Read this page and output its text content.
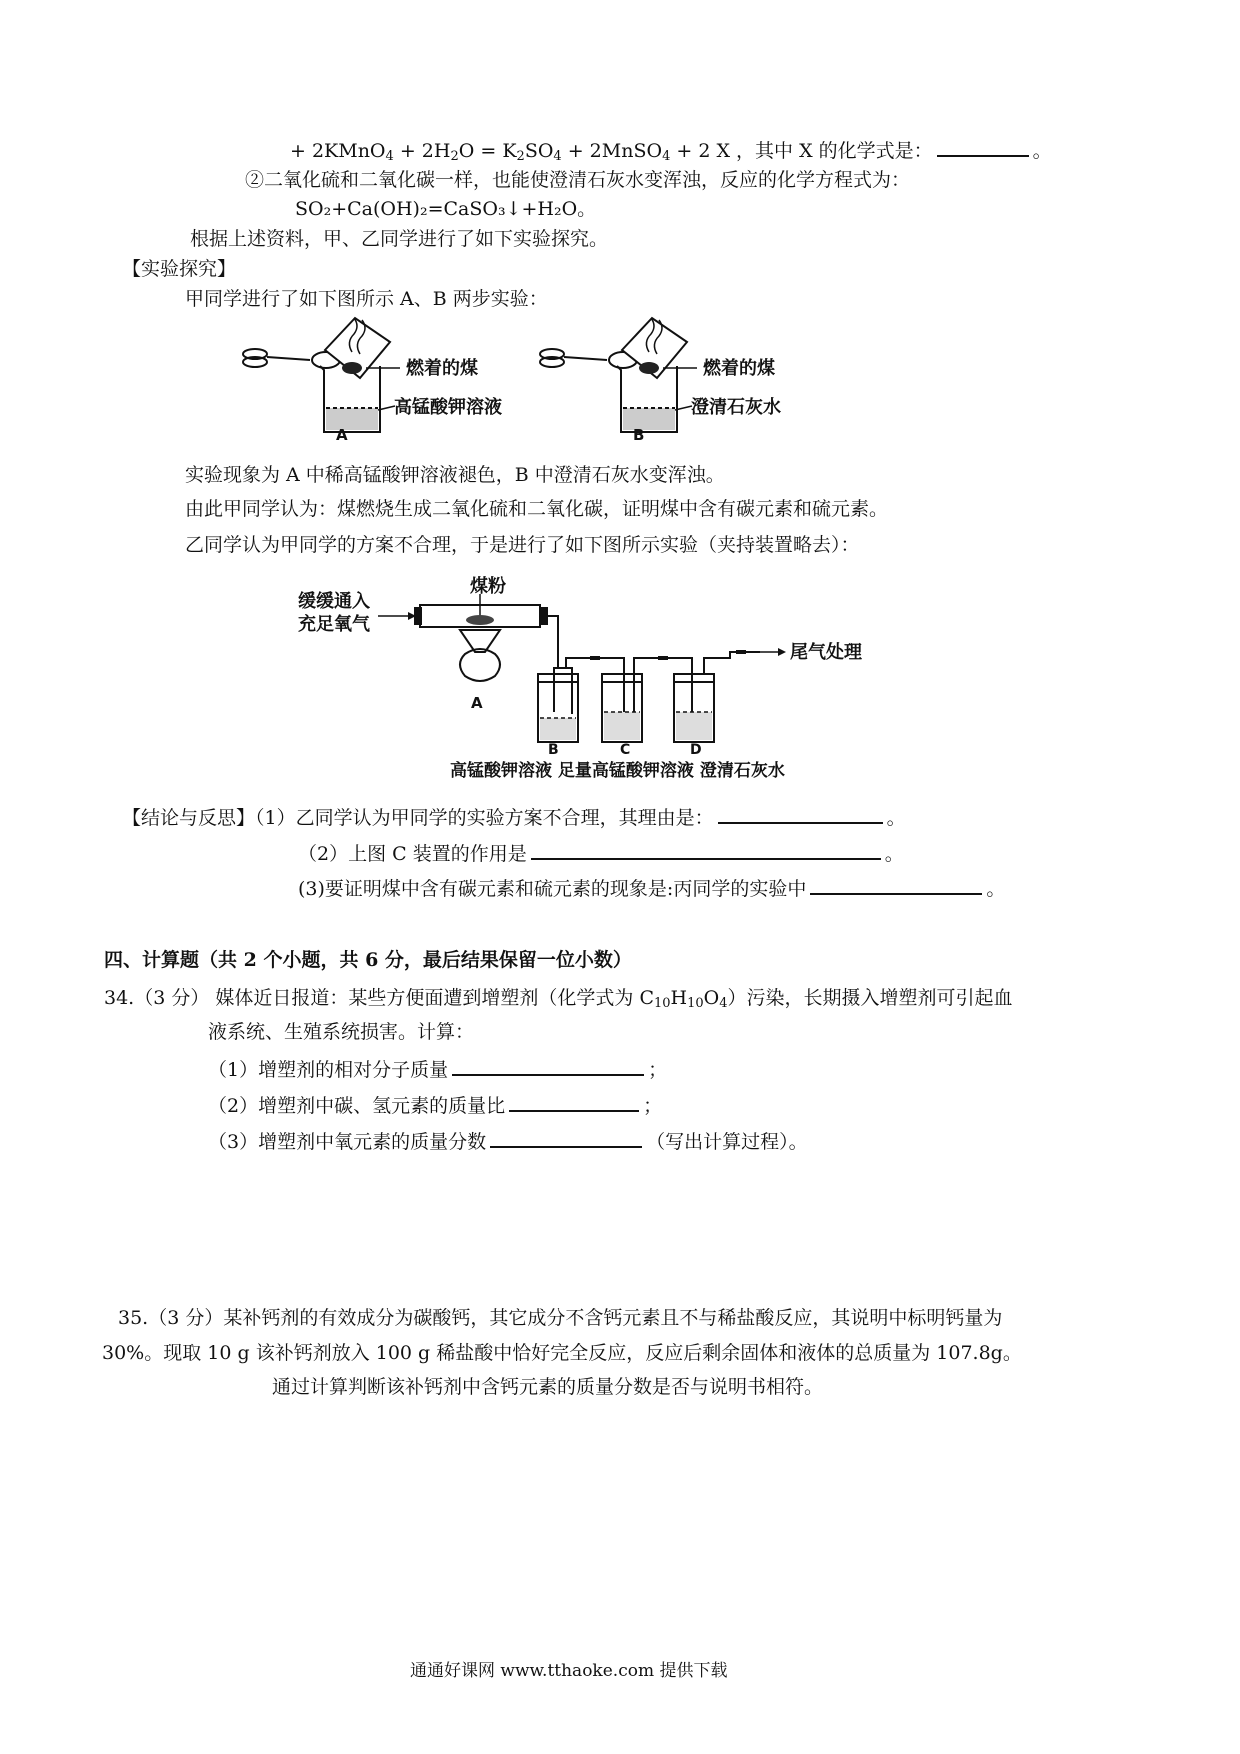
+ 2KMnO$_4$ + $2H_2O = K_2SO_4$ + 2MnSO$_4$ + 2 X ，其中 X 的化学式是：	。
②二氧化硫和二氧化碳一样，也能使澄清石灰水变浑浊，反应的化学方程式为：
SO₂+Ca(OH)₂=CaSO₃↓+H₂O。
根据上述资料，甲、乙同学进行了如下实验探究。
【实验探究】
甲同学进行了如下图所示 A、B 两步实验：
燃着的煤
高锰酸钾溶液
A
燃着的煤
澄清石灰水
B
实验现象为 A 中稀高锰酸钾溶液褪色，B 中澄清石灰水变浑浊。
由此甲同学认为：煤燃烧生成二氧化硫和二氧化碳，证明煤中含有碳元素和硫元素。
乙同学认为甲同学的方案不合理，于是进行了如下图所示实验（夹持装置略去）：
煤粉
缓缓通入
充足氧气
A
尾气处理
B	C	D
高锰酸钾溶液 足量高锰酸钾溶液 澄清石灰水
【结论与反思】（1）乙同学认为甲同学的实验方案不合理，其理由是：	。
（2）上图 C 装置的作用是	。
(3)要证明煤中含有碳元素和硫元素的现象是:丙同学的实验中	。
四、计算题（共 2 个小题，共 6 分，最后结果保留一位小数）
34.（3 分） 媒体近日报道：某些方便面遭到增塑剂（化学式为 $C_{10}H_{10}O_4$）污染，长期摄入增塑剂可引起血
液系统、生殖系统损害。计算：
（1）增塑剂的相对分子质量	；
（2）增塑剂中碳、氢元素的质量比	；
（3）增塑剂中氧元素的质量分数	（写出计算过程）。
35.（3 分）某补钙剂的有效成分为碳酸钙，其它成分不含钙元素且不与稀盐酸反应，其说明中标明钙量为
30%。现取 10 g 该补钙剂放入 100 g 稀盐酸中恰好完全反应，反应后剩余固体和液体的总质量为 107.8g。
通过计算判断该补钙剂中含钙元素的质量分数是否与说明书相符。
通通好课网 www.tthaoke.com 提供下载
